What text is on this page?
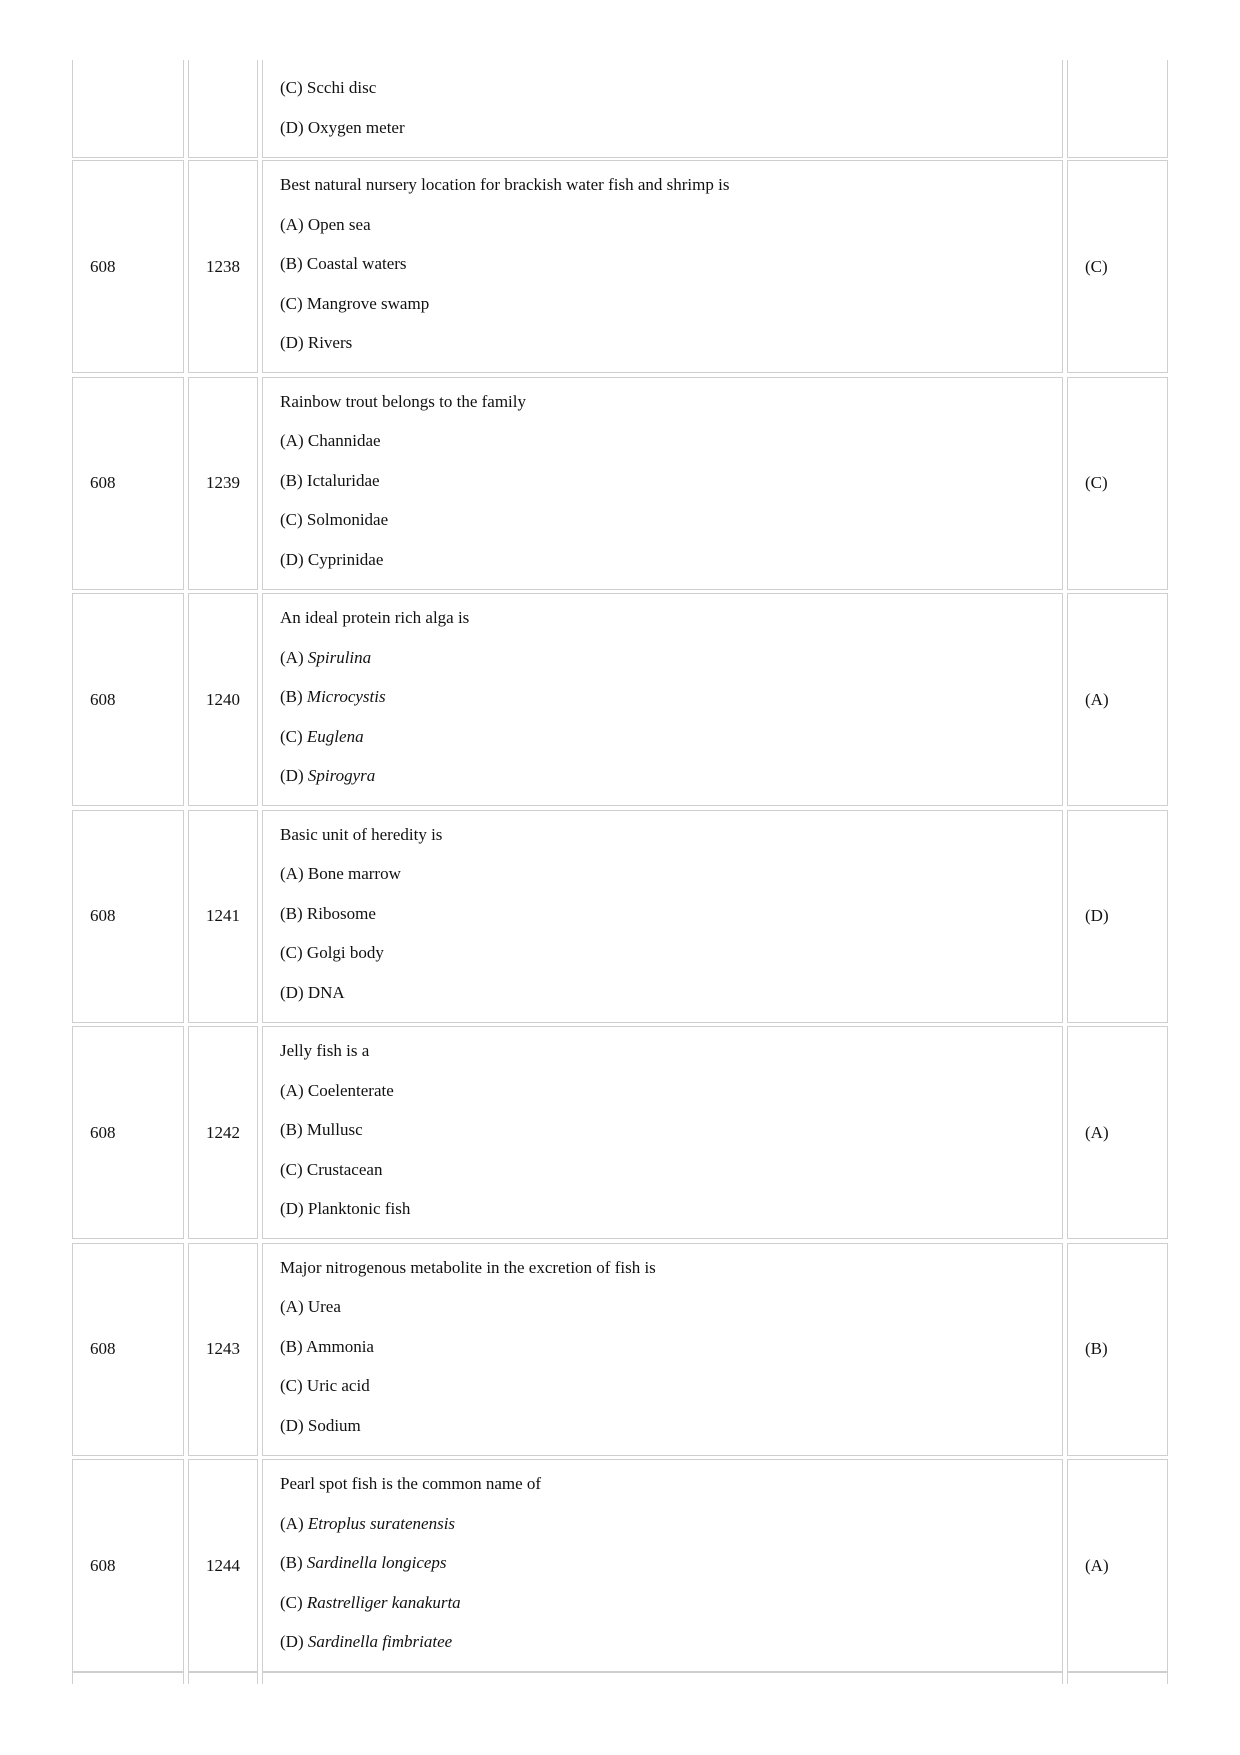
(C) Scchi disc
(D) Oxygen meter
608	1238
Best natural nursery location for brackish water fish and shrimp is
(A) Open sea
(B) Coastal waters
(C) Mangrove swamp
(D) Rivers
(C)
608	1239
Rainbow trout belongs to the family
(A) Channidae
(B) Ictaluridae
(C) Solmonidae
(D) Cyprinidae
(C)
608	1240
An ideal protein rich alga is
(A) Spirulina
(B) Microcystis
(C) Euglena
(D) Spirogyra
(A)
608	1241
Basic unit of heredity is
(A) Bone marrow
(B) Ribosome
(C) Golgi body
(D) DNA
(D)
608	1242
Jelly fish is a
(A) Coelenterate
(B) Mullusc
(C) Crustacean
(D) Planktonic fish
(A)
608	1243
Major nitrogenous metabolite in the excretion of fish is
(A) Urea
(B) Ammonia
(C) Uric acid
(D) Sodium
(B)
608	1244
Pearl spot fish is the common name of
(A) Etroplus suratenensis
(B) Sardinella longiceps
(C) Rastrelliger kanakurta
(D) Sardinella fimbriatee
(A)
